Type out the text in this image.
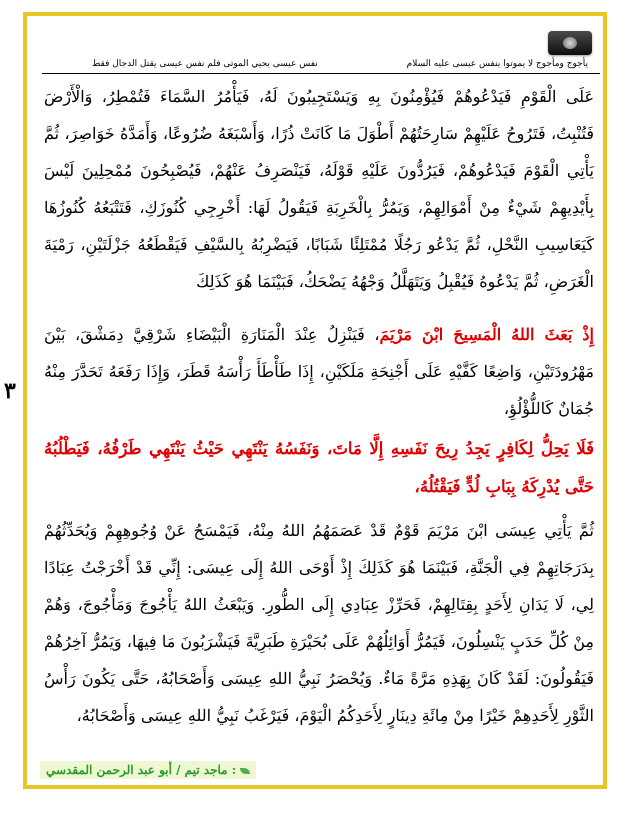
يأجوج ومأجوج لا يموتوا بنفس عيسى عليه السلام
نفس عيسى يحيي الموتى فلم نفس عيسى يقتل الدجال فقط
٣

عَلَى الْقَوْمِ فَيَدْعُوهُمْ فَيُؤْمِنُونَ بِهِ وَيَسْتَجِيبُونَ لَهُ، فَيَأْمُرُ السَّمَاءَ فَتُمْطِرُ، وَالْأَرْضَ فَتُنْبِتُ، فَتَرُوحُ عَلَيْهِمْ سَارِحَتُهُمْ أَطْوَلَ مَا كَانَتْ ذُرًا، وَأَسْبَغَهُ ضُرُوعًا، وَأَمَدَّهُ خَوَاصِرَ، ثُمَّ يَأْتِي الْقَوْمَ فَيَدْعُوهُمْ، فَيَرُدُّونَ عَلَيْهِ قَوْلَهُ، فَيَنْصَرِفُ عَنْهُمْ، فَيُصْبِحُونَ مُمْحِلِينَ لَيْسَ بِأَيْدِيهِمْ شَيْءٌ مِنْ أَمْوَالِهِمْ، وَيَمُرُّ بِالْخَرِبَةِ فَيَقُولُ لَهَا: أَخْرِجِي كُنُوزَكِ، فَتَتْبَعُهُ كُنُوزُهَا كَيَعَاسِيبِ النَّحْلِ، ثُمَّ يَدْعُو رَجُلًا مُمْتَلِئًا شَبَابًا، فَيَضْرِبُهُ بِالسَّيْفِ فَيَقْطَعُهُ جَزْلَتَيْنِ، رَمْيَةَ الْغَرَضِ، ثُمَّ يَدْعُوهُ فَيُقْبِلُ وَيَتَهَلَّلُ وَجْهُهُ يَضْحَكُ، فَبَيْنَمَا هُوَ كَذَلِكَ

إِذْ بَعَثَ اللهُ الْمَسِيحَ ابْنَ مَرْيَمَ، فَيَنْزِلُ عِنْدَ الْمَنَارَةِ الْبَيْضَاءِ شَرْقِيَّ دِمَشْقَ، بَيْنَ مَهْرُودَتَيْنِ، وَاضِعًا كَفَّيْهِ عَلَى أَجْنِحَةِ مَلَكَيْنِ، إِذَا طَأْطَأَ رَأْسَهُ قَطَرَ، وَإِذَا رَفَعَهُ تَحَدَّرَ مِنْهُ جُمَانٌ كَاللُّؤْلُؤِ،

فَلَا يَحِلُّ لِكَافِرٍ يَجِدُ رِيحَ نَفَسِهِ إِلَّا مَاتَ، وَنَفَسُهُ يَنْتَهِي حَيْثُ يَنْتَهِي طَرْفُهُ، فَيَطْلُبُهُ حَتَّى يُدْرِكَهُ بِبَابِ لُدٍّ فَيَقْتُلُهُ،

ثُمَّ يَأْتِي عِيسَى ابْنَ مَرْيَمَ قَوْمٌ قَدْ عَصَمَهُمُ اللهُ مِنْهُ، فَيَمْسَحُ عَنْ وُجُوهِهِمْ وَيُحَدِّثُهُمْ بِدَرَجَاتِهِمْ فِي الْجَنَّةِ، فَبَيْنَمَا هُوَ كَذَلِكَ إِذْ أَوْحَى اللهُ إِلَى عِيسَى: إِنِّي قَدْ أَخْرَجْتُ عِبَادًا لِي، لَا يَدَانِ لِأَحَدٍ بِقِتَالِهِمْ، فَحَرِّزْ عِبَادِي إِلَى الطُّورِ. وَيَبْعَثُ اللهُ يَأْجُوجَ وَمَأْجُوجَ، وَهُمْ مِنْ كُلِّ حَدَبٍ يَنْسِلُونَ، فَيَمُرُّ أَوَائِلُهُمْ عَلَى بُحَيْرَةِ طَبَرِيَّةَ فَيَشْرَبُونَ مَا فِيهَا، وَيَمُرُّ آخِرُهُمْ فَيَقُولُونَ: لَقَدْ كَانَ بِهَذِهِ مَرَّةً مَاءٌ. وَيُحْصَرُ نَبِيُّ اللهِ عِيسَى وَأَصْحَابُهُ، حَتَّى يَكُونَ رَأْسُ الثَّوْرِ لِأَحَدِهِمْ خَيْرًا مِنْ مِائَةِ دِينَارٍ لِأَحَدِكُمُ الْيَوْمَ، فَيَرْغَبُ نَبِيُّ اللهِ عِيسَى وَأَصْحَابُهُ،

: ماجد تيم / أبو عبد الرحمن المقدسي
